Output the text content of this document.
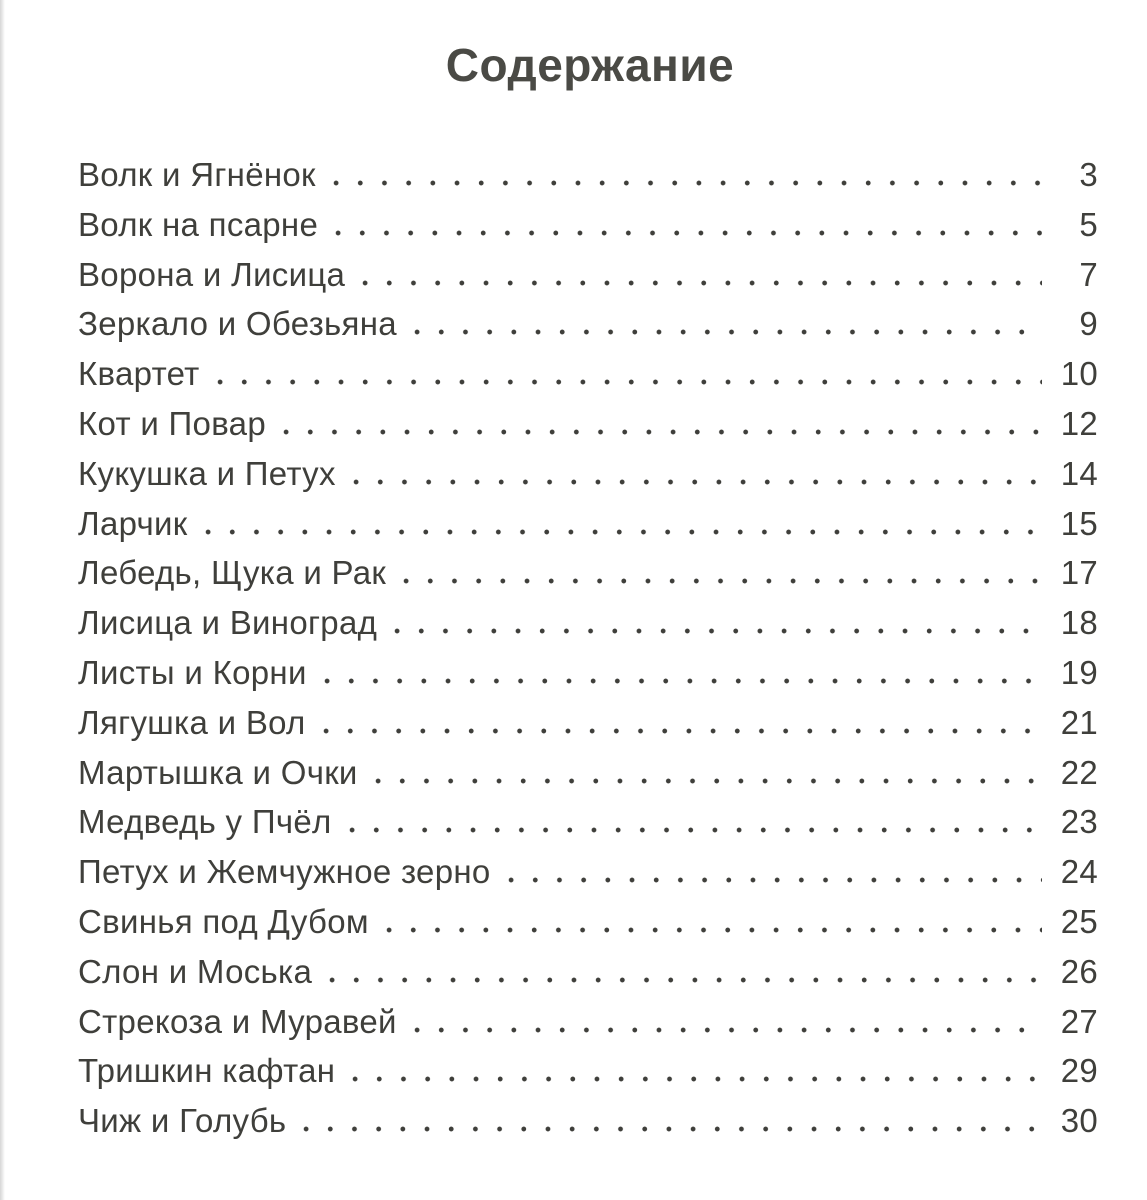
Содержание
Волк и Ягнёнок	3
Волк на псарне	5
Ворона и Лисица	7
Зеркало и Обезьяна	9
Квартет	10
Кот и Повар	12
Кукушка и Петух	14
Ларчик	15
Лебедь, Щука и Рак	17
Лисица и Виноград	18
Листы и Корни	19
Лягушка и Вол	21
Мартышка и Очки	22
Медведь у Пчёл	23
Петух и Жемчужное зерно	24
Свинья под Дубом	25
Слон и Моська	26
Стрекоза и Муравей	27
Тришкин кафтан	29
Чиж и Голубь	30
